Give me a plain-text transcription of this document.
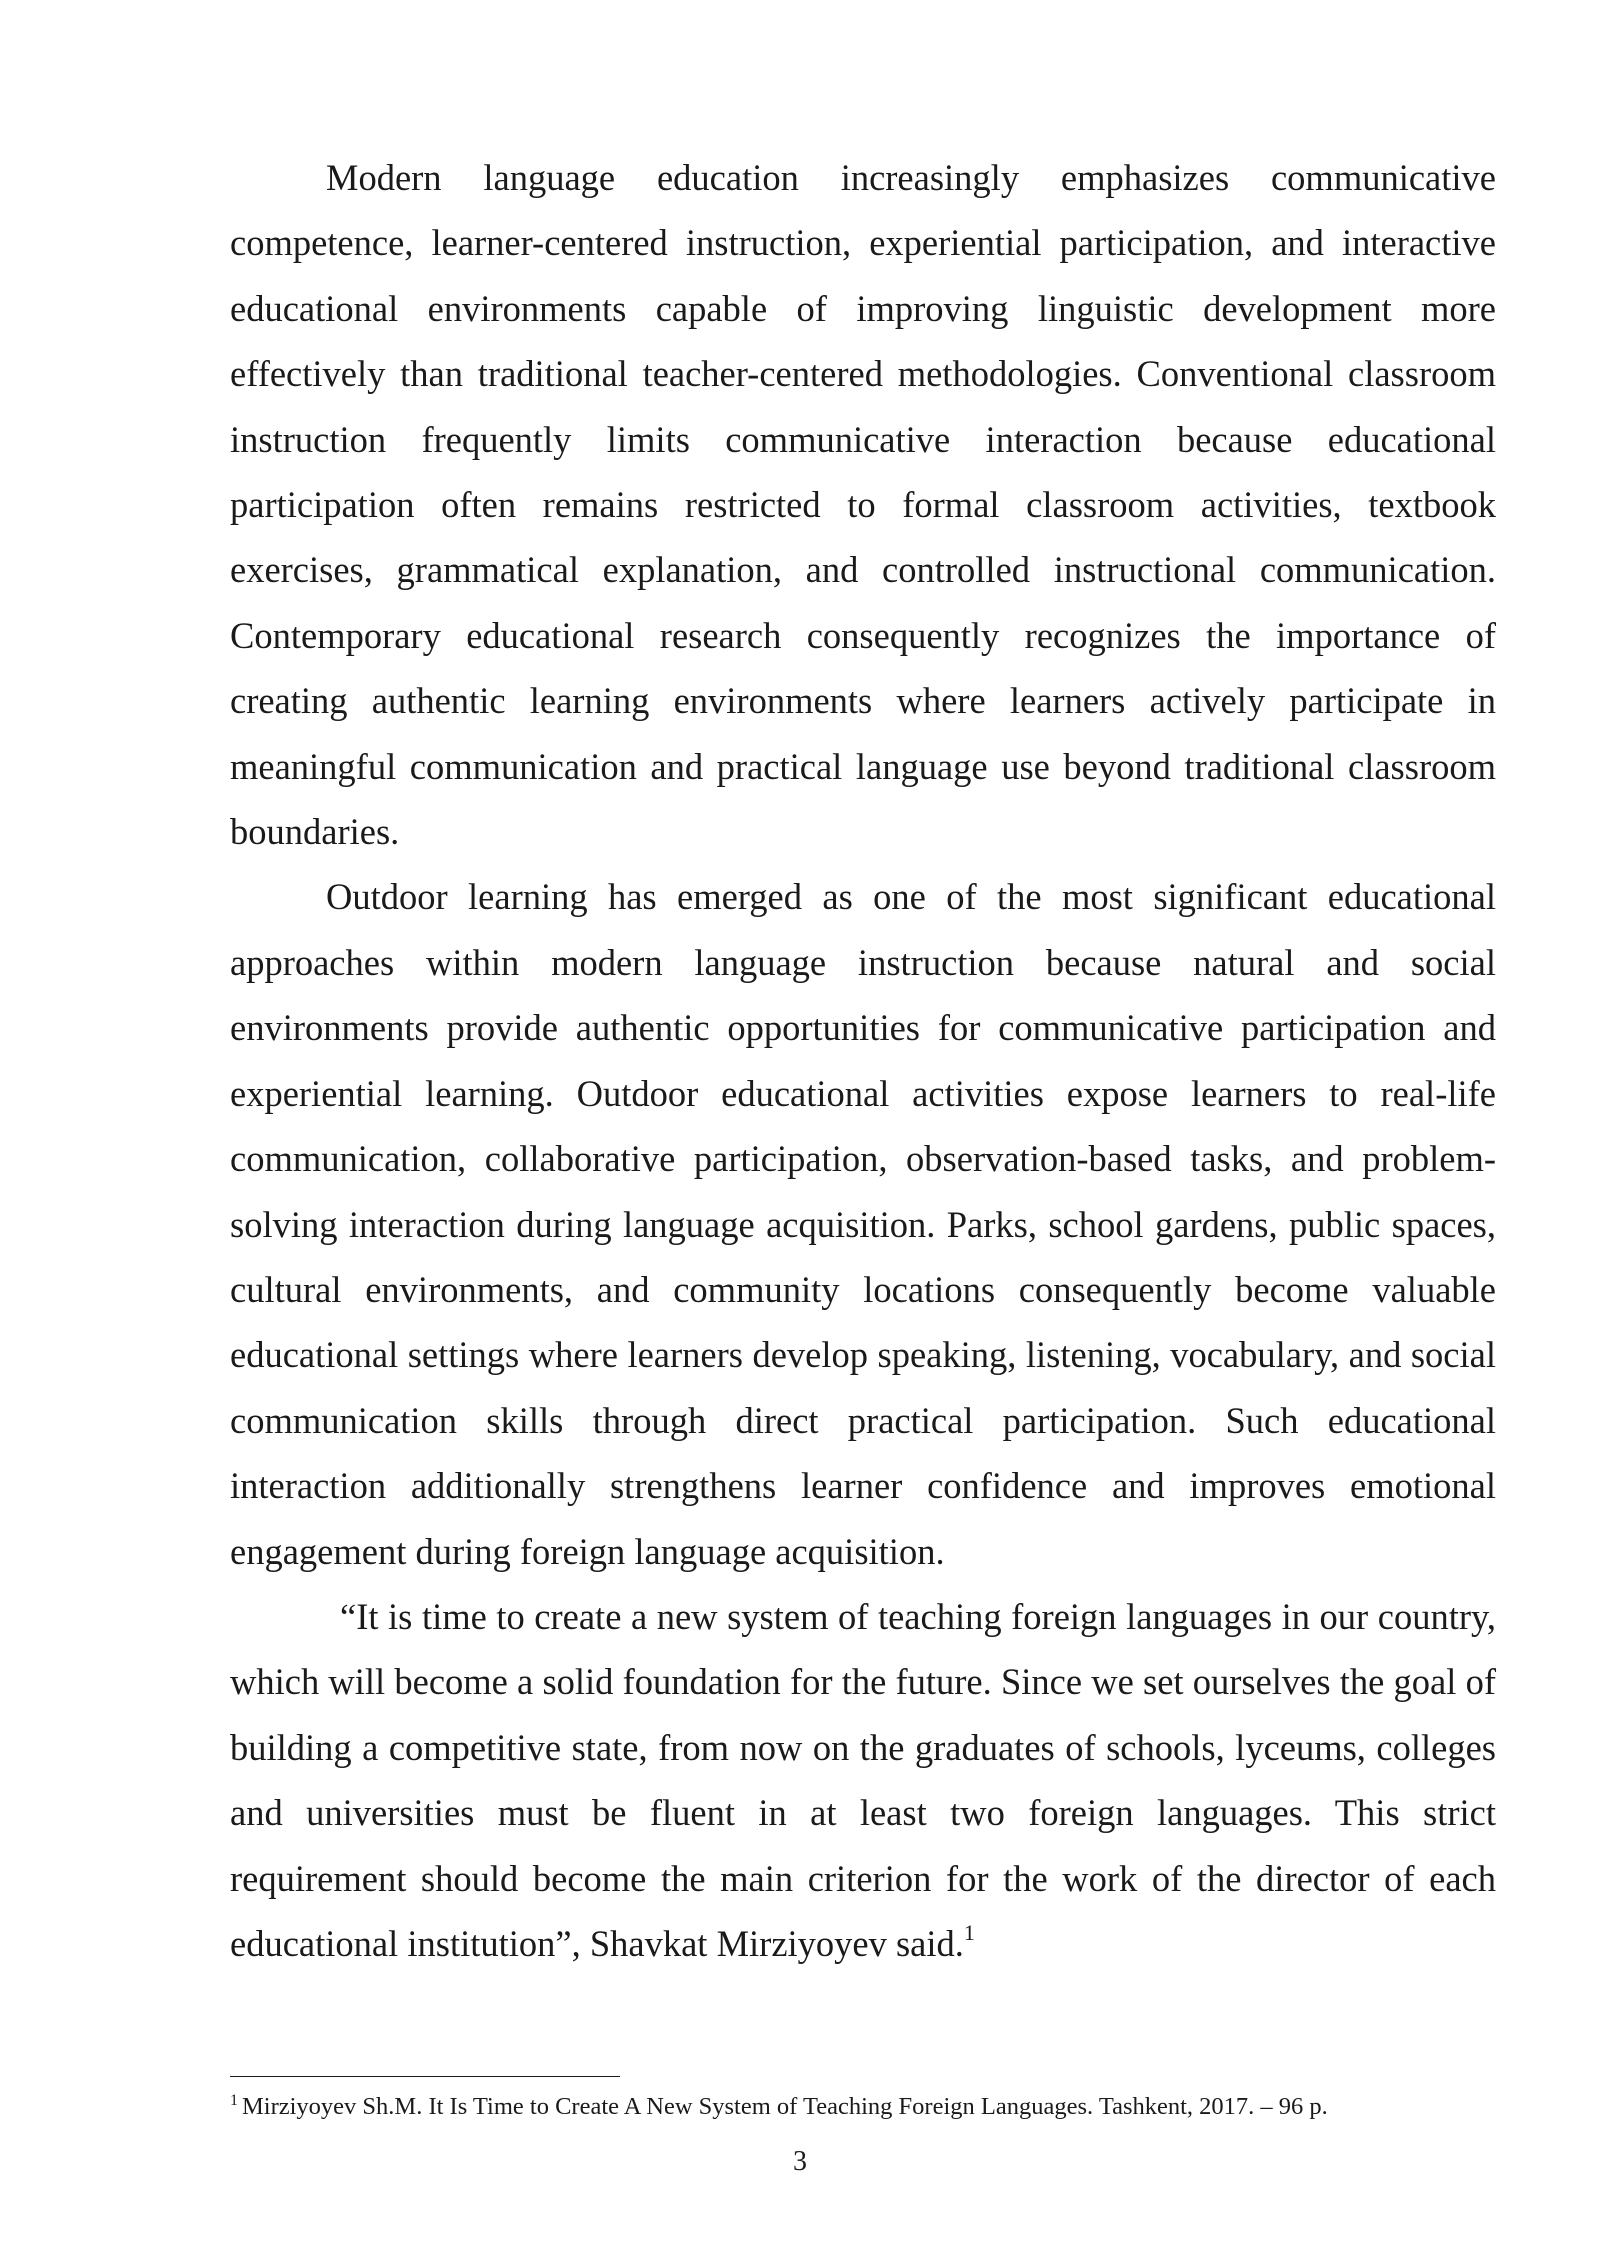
Modern language education increasingly emphasizes communicative competence, learner-centered instruction, experiential participation, and interactive educational environments capable of improving linguistic development more effectively than traditional teacher-centered methodologies. Conventional classroom instruction frequently limits communicative interaction because educational participation often remains restricted to formal classroom activities, textbook exercises, grammatical explanation, and controlled instructional communication. Contemporary educational research consequently recognizes the importance of creating authentic learning environments where learners actively participate in meaningful communication and practical language use beyond traditional classroom boundaries.

Outdoor learning has emerged as one of the most significant educational approaches within modern language instruction because natural and social environments provide authentic opportunities for communicative participation and experiential learning. Outdoor educational activities expose learners to real-life communication, collaborative participation, observation-based tasks, and problem-solving interaction during language acquisition. Parks, school gardens, public spaces, cultural environments, and community locations consequently become valuable educational settings where learners develop speaking, listening, vocabulary, and social communication skills through direct practical participation. Such educational interaction additionally strengthens learner confidence and improves emotional engagement during foreign language acquisition.

“It is time to create a new system of teaching foreign languages in our country, which will become a solid foundation for the future. Since we set ourselves the goal of building a competitive state, from now on the graduates of schools, lyceums, colleges and universities must be fluent in at least two foreign languages. This strict requirement should become the main criterion for the work of the director of each educational institution”, Shavkat Mirziyoyev said.$^1$

$^1$ Mirziyoyev Sh.M. It Is Time to Create A New System of Teaching Foreign Languages. Tashkent, 2017. – 96 p.
3
